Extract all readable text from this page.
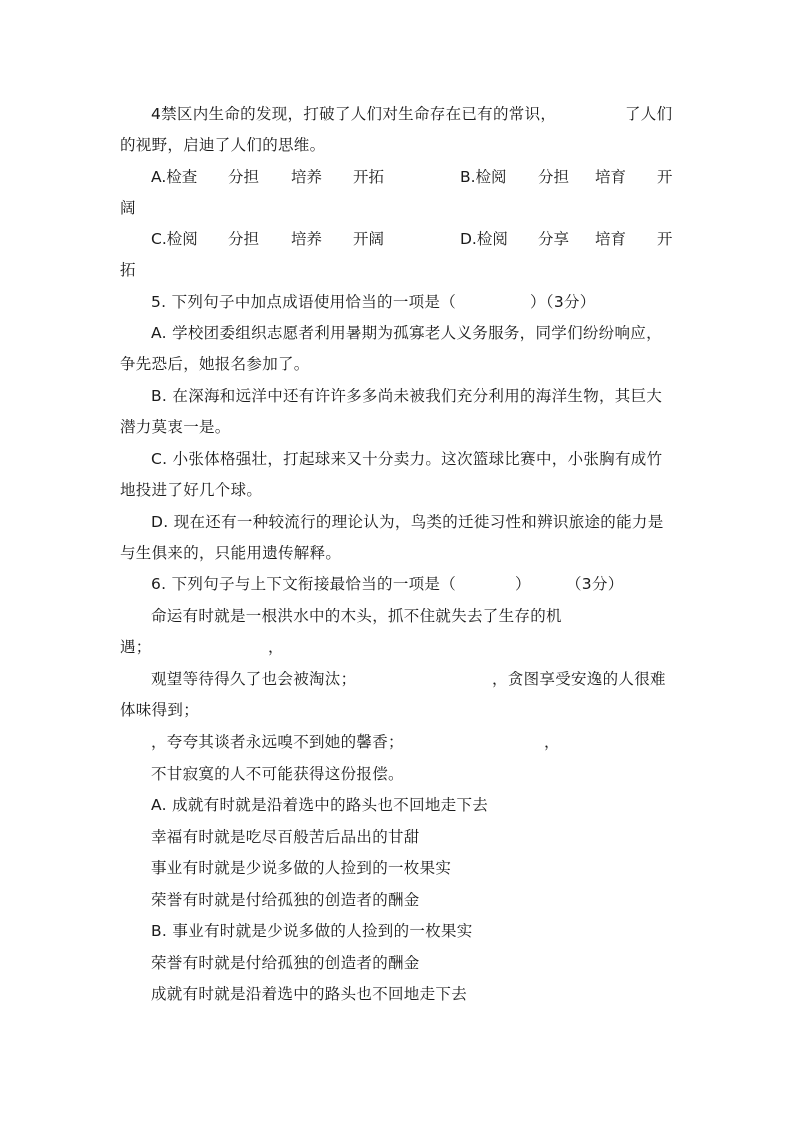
4禁区内生命的发现，打破了人们对生命存在已有的常识，	了人们
的视野，启迪了人们的思维。
A.检查 分担 培养 开拓	B.检阅 分担 培育 开
阔
C.检阅 分担 培养 开阔	D.检阅 分享 培育 开
拓
5. 下列句子中加点成语使用恰当的一项是（	）（3分）
A. 学校团委组织志愿者利用暑期为孤寡老人义务服务，同学们纷纷响应，
争先恐后，她报名参加了。
B. 在深海和远洋中还有许许多多尚未被我们充分利用的海洋生物，其巨大
潜力莫衷一是。
C. 小张体格强壮，打起球来又十分卖力。这次篮球比赛中，小张胸有成竹
地投进了好几个球。
D. 现在还有一种较流行的理论认为，鸟类的迁徙习性和辨识旅途的能力是
与生俱来的，只能用遗传解释。
6. 下列句子与上下文衔接最恰当的一项是（	） （3分）
命运有时就是一根洪水中的木头，抓不住就失去了生存的机
遇；	，
观望等待得久了也会被淘汰；	，贪图享受安逸的人很难
体味得到；
，夸夸其谈者永远嗅不到她的馨香；	，
不甘寂寞的人不可能获得这份报偿。
A. 成就有时就是沿着选中的路头也不回地走下去
幸福有时就是吃尽百般苦后品出的甘甜
事业有时就是少说多做的人捡到的一枚果实
荣誉有时就是付给孤独的创造者的酬金
B. 事业有时就是少说多做的人捡到的一枚果实
荣誉有时就是付给孤独的创造者的酬金
成就有时就是沿着选中的路头也不回地走下去
